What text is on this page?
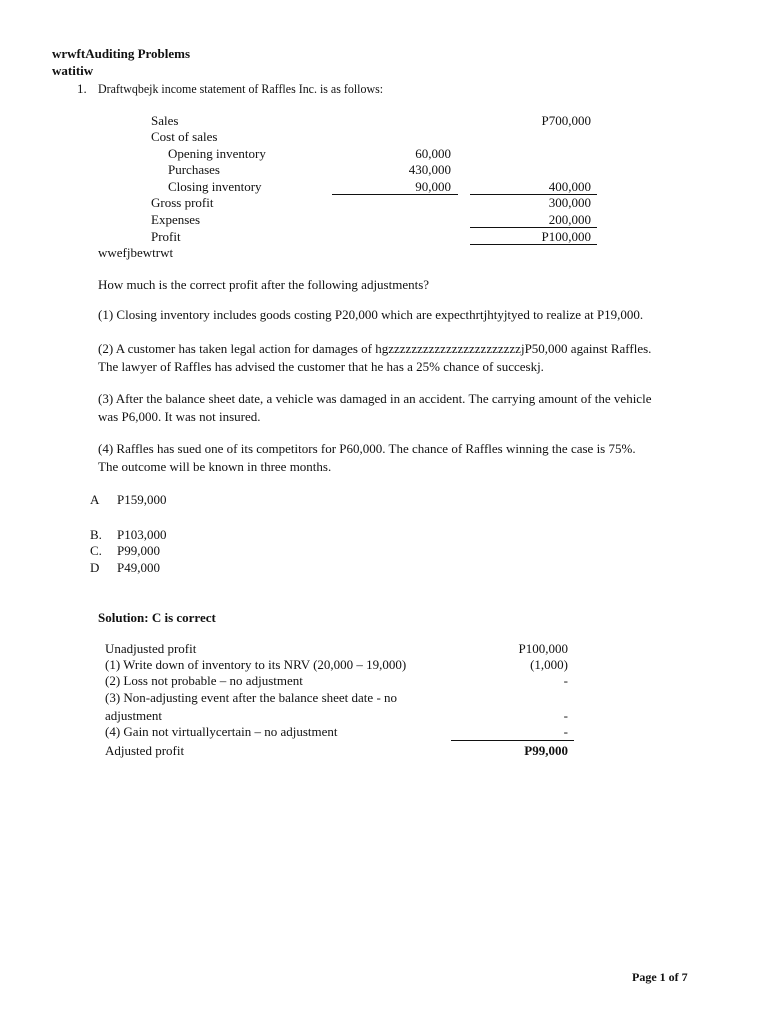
wrwftAuditing Problems
watitiw
1. Draftwqbejk income statement of Raffles Inc. is as follows:
Sales	P700,000
Cost of sales
Opening inventory	60,000
Purchases	430,000
Closing inventory	90,000	400,000
Gross profit	300,000
Expenses	200,000
Profit	P100,000
wwefjbewtrwt
How much is the correct profit after the following adjustments?
(1) Closing inventory includes goods costing P20,000 which are expecthrtjhtyjtyed to realize at P19,000.
(2) A customer has taken legal action for damages of hgzzzzzzzzzzzzzzzzzzzzzzzjP50,000 against Raffles.
The lawyer of Raffles has advised the customer that he has a 25% chance of succeskj.
(3) After the balance sheet date, a vehicle was damaged in an accident. The carrying amount of the vehicle
was P6,000. It was not insured.
(4) Raffles has sued one of its competitors for P60,000. The chance of Raffles winning the case is 75%.
The outcome will be known in three months.
A P159,000
B. P103,000
C. P99,000
D P49,000
Solution: C is correct
Unadjusted profit	P100,000
(1) Write down of inventory to its NRV (20,000 – 19,000)	(1,000)
(2) Loss not probable – no adjustment	-
(3) Non-adjusting event after the balance sheet date - no
adjustment	-
(4) Gain not virtuallycertain – no adjustment	-
Adjusted profit	P99,000
Page 1 of 7
